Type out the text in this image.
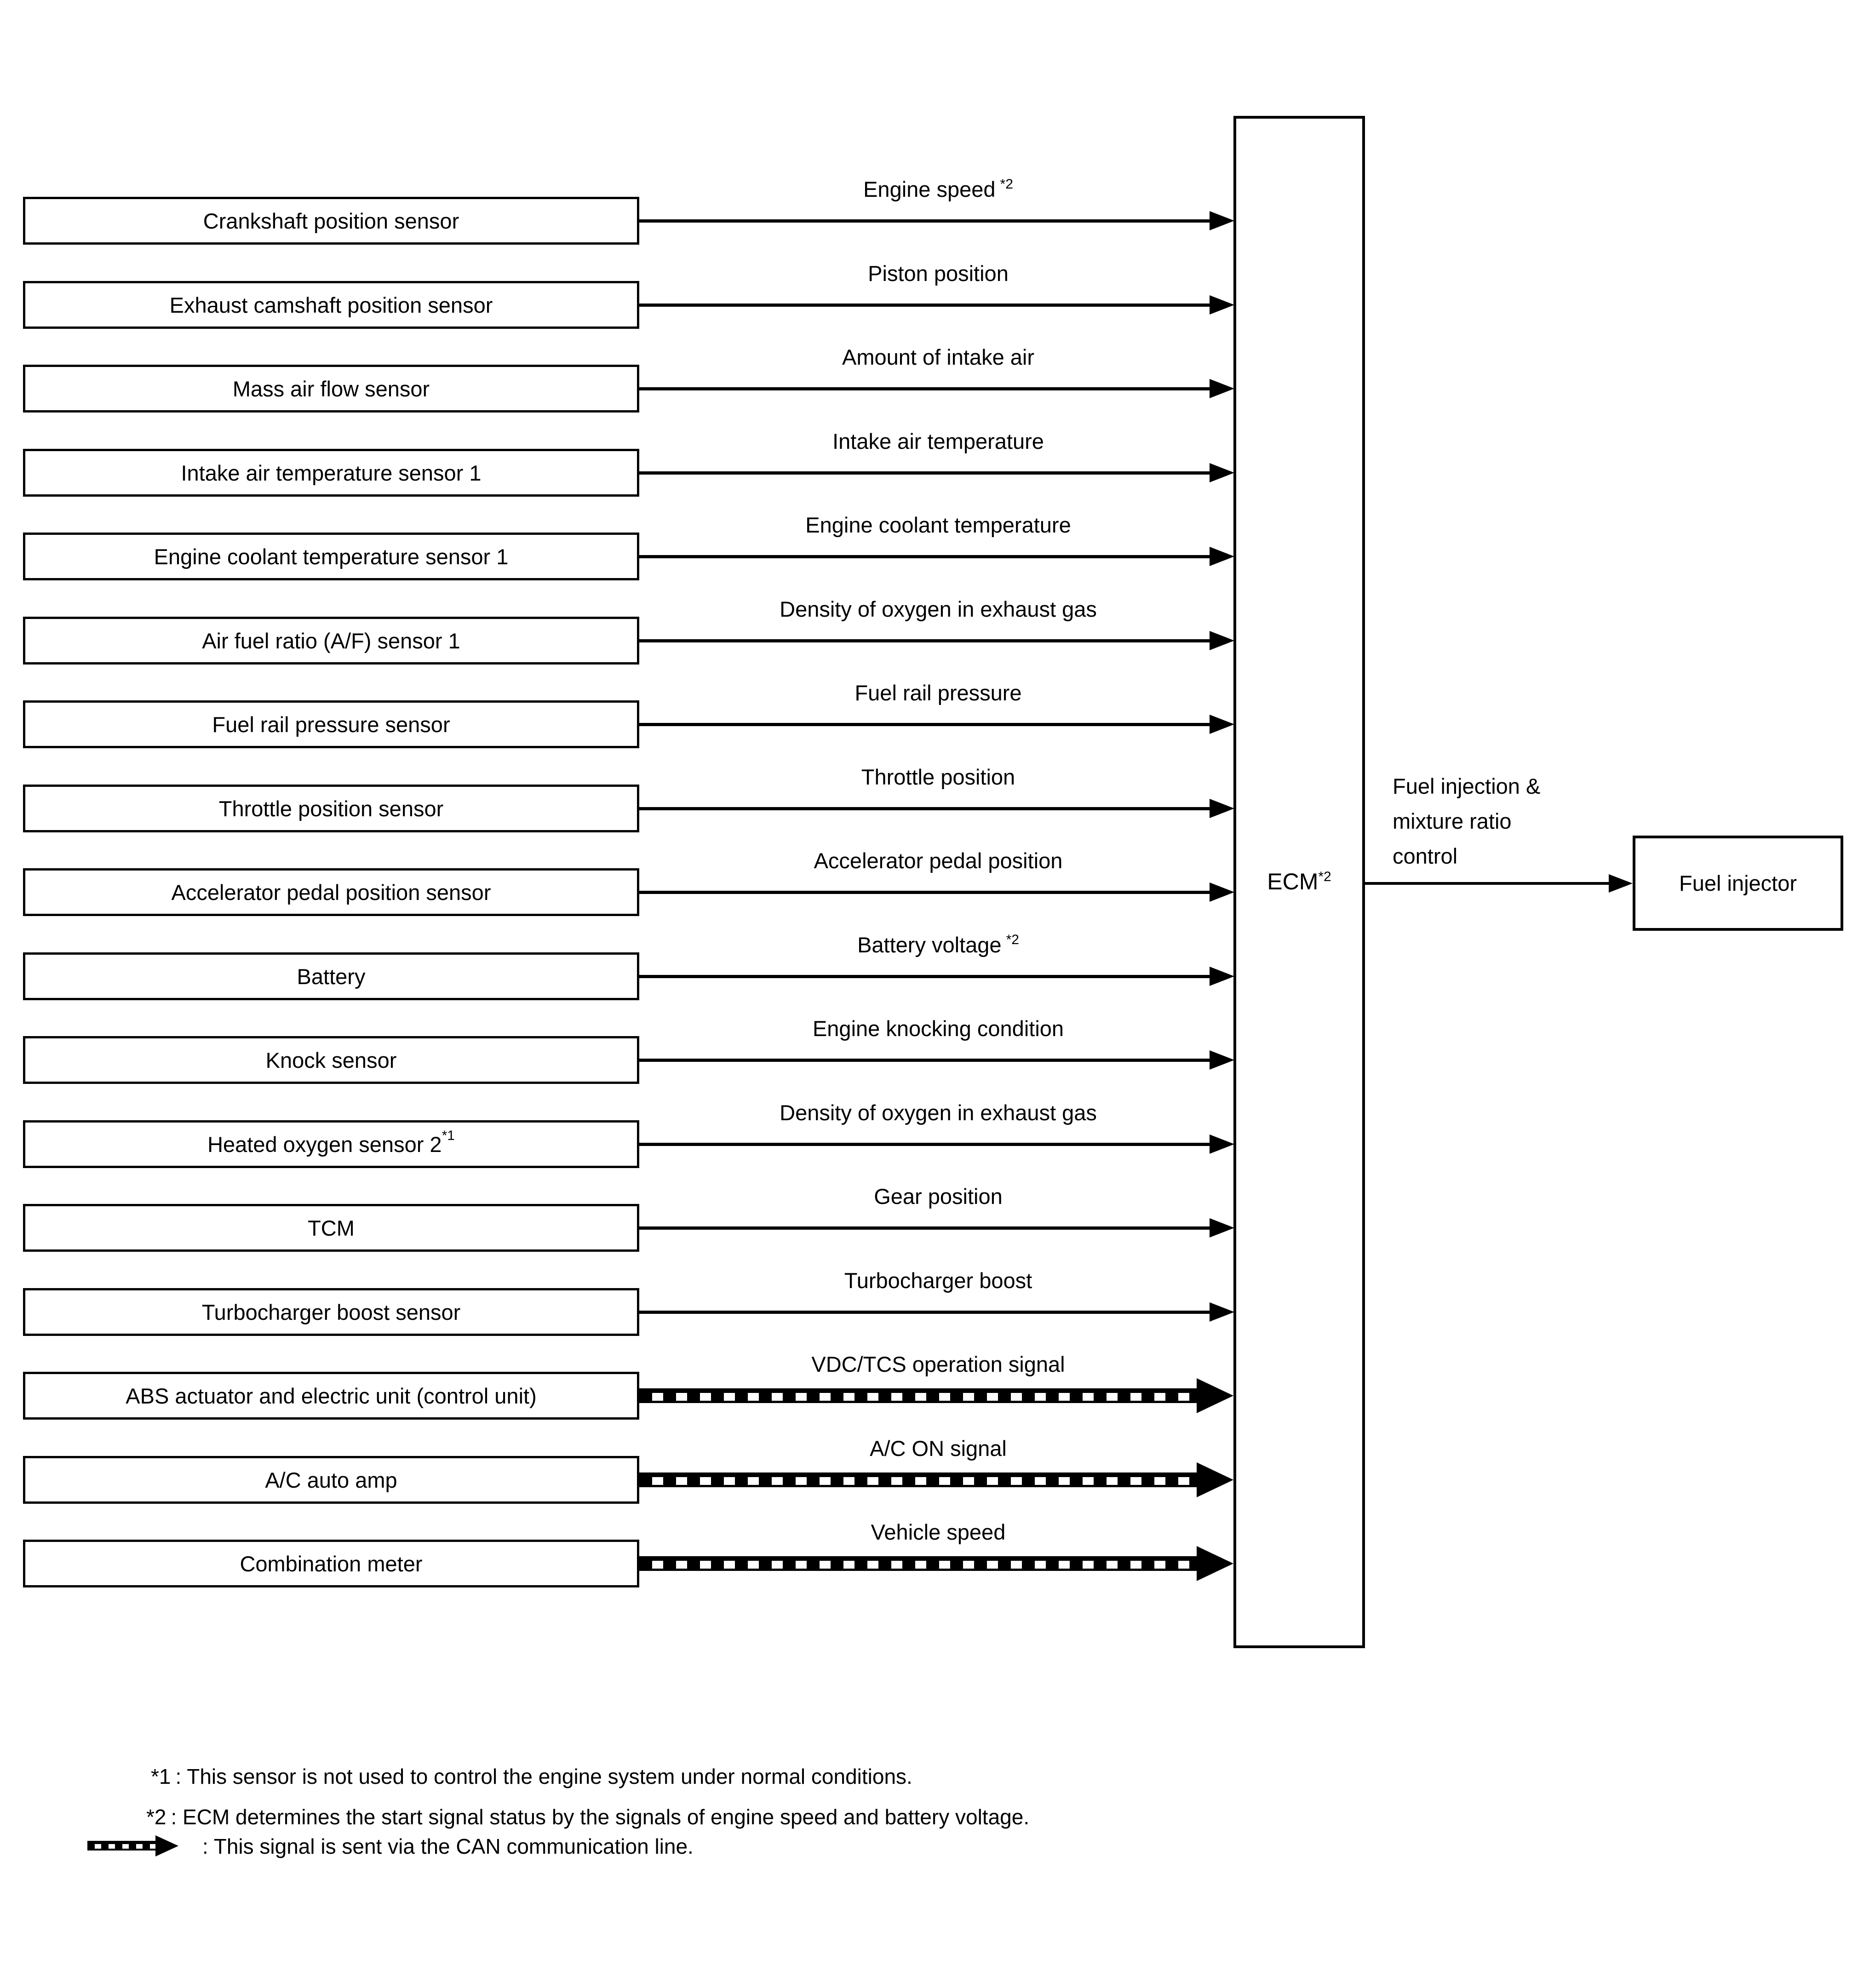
Crankshaft position sensor
Engine speed $^{*2}$
Exhaust camshaft position sensor
Piston position
Mass air flow sensor
Amount of intake air
Intake air temperature sensor 1
Intake air temperature
Engine coolant temperature sensor 1
Engine coolant temperature
Air fuel ratio (A/F) sensor 1
Density of oxygen in exhaust gas
Fuel rail pressure sensor
Fuel rail pressure
Throttle position sensor
Throttle position
Accelerator pedal position sensor
Accelerator pedal position
Battery
Battery voltage $^{*2}$
Knock sensor
Engine knocking condition
Heated oxygen sensor 2 *1
Density of oxygen in exhaust gas
TCM
Gear position
Turbocharger boost sensor
Turbocharger boost
ABS actuator and electric unit (control unit)
VDC/TCS operation signal
A/C auto amp
A/C ON signal
Combination meter
Vehicle speed
ECM$^{*2}$
Fuel injection &
mixture ratio
control
Fuel injector
*1 : This sensor is not used to control the engine system under normal conditions.
*2 : ECM determines the start signal status by the signals of engine speed and battery voltage.
: This signal is sent via the CAN communication line.
